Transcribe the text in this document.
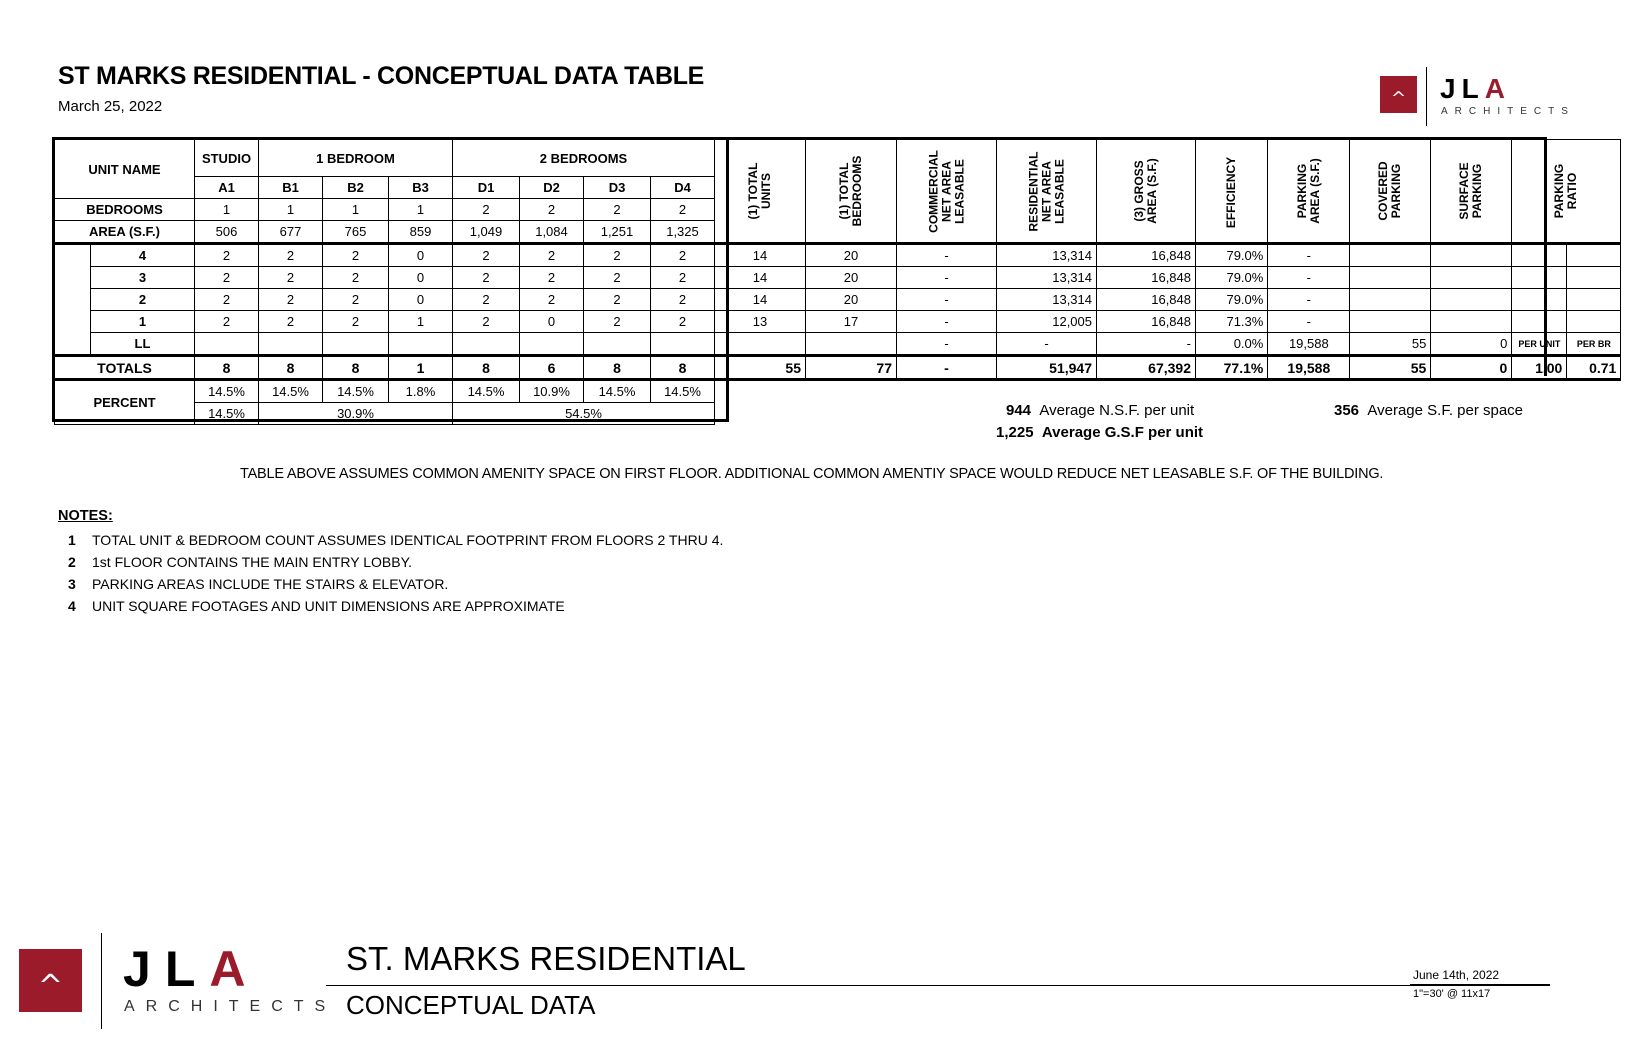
ST MARKS RESIDENTIAL - CONCEPTUAL DATA TABLE
March 25, 2022	^	JLA
ARCHITECTS
UNIT NAME		STUDIO	1 BEDROOM			2 BEDROOMS				(1) TOTAL UNITS	(1) TOTAL BEDROOMS	COMMERCIAL NET AREA LEASABLE	RESIDENTIAL NET AREA LEASABLE	(3) GROSS AREA (S.F.)	EFFICIENCY	PARKING AREA (S.F.)	COVERED PARKING	SURFACE PARKING	PARKING RATIO	
		A1	B1	B2	B3	D1	D2	D3	D4											
BEDROOMS		1	1	1	1	2	2	2	2											
AREA (S.F.)		506	677	765	859	1,049	1,084	1,251	1,325											
	4	2	2	2	0	2	2	2	2	14	20	-	13,314	16,848	79.0%	-				
	3	2	2	2	0	2	2	2	2	14	20	-	13,314	16,848	79.0%	-				
	2	2	2	2	0	2	2	2	2	14	20	-	13,314	16,848	79.0%	-				
	1	2	2	2	1	2	0	2	2	13	17	-	12,005	16,848	71.3%	-				
	LL											-	-	-	0.0%	19,588	55	0	PER UNIT	PER BR
TOTALS		8	8	8	1	8	6	8	8	55	77	-	51,947	67,392	77.1%	19,588	55	0	1.00	0.71
PERCENT		14.5%	14.5%	14.5%	1.8%	14.5%	10.9%	14.5%	14.5%											
		14.5%	30.9%			54.5%															944 Average N.S.F. per unit
1,225 Average G.S.F per unit
356 Average S.F. per space
TABLE ABOVE ASSUMES COMMON AMENITY SPACE ON FIRST FLOOR. ADDITIONAL COMMON AMENTIY SPACE WOULD REDUCE NET LEASABLE S.F. OF THE BUILDING.
NOTES:
1 TOTAL UNIT & BEDROOM COUNT ASSUMES IDENTICAL FOOTPRINT FROM FLOORS 2 THRU 4.
2 1st FLOOR CONTAINS THE MAIN ENTRY LOBBY.
3 PARKING AREAS INCLUDE THE STAIRS & ELEVATOR.
4 UNIT SQUARE FOOTAGES AND UNIT DIMENSIONS ARE APPROXIMATE
^	JLA
ARCHITECTS
ST. MARKS RESIDENTIAL
CONCEPTUAL DATA
June 14th, 2022
1"=30' @ 11x17
